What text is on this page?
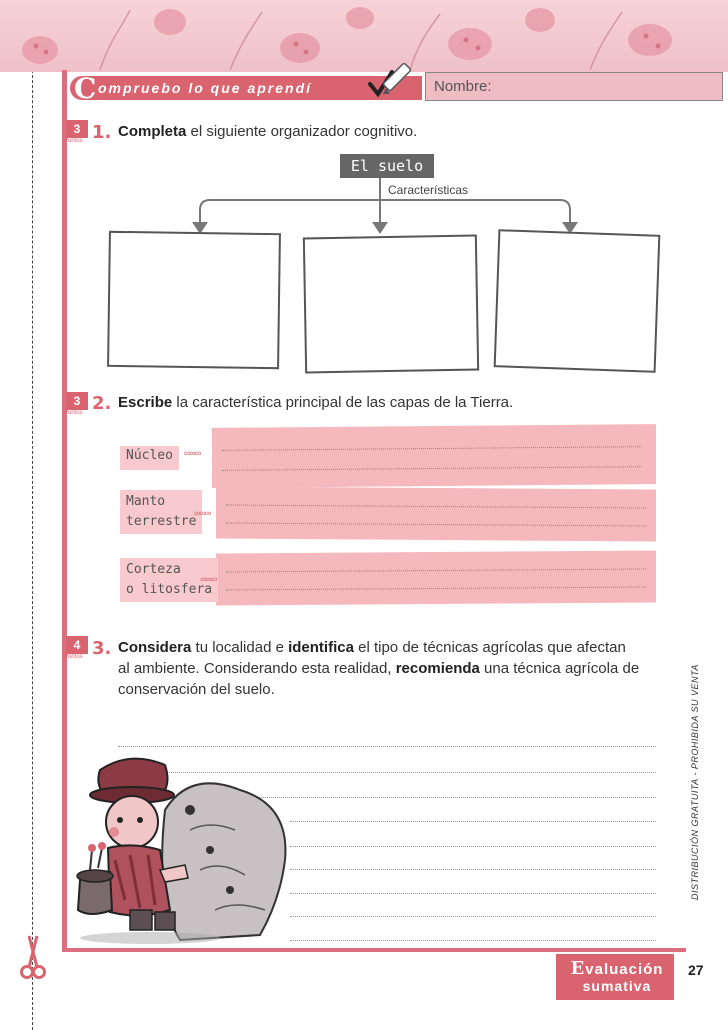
C ompruebo lo que aprendí	Nombre:
3
Puntos 1. Completa el siguiente organizador cognitivo.
El suelo
Características
3
Puntos 2. Escribe la característica principal de las capas de la Tierra.
Núcleo	∞∞∞
Manto
terrestre
∞∞∞
Corteza
o litosfera
∞∞∞
4
Puntos 3. Considera tu localidad e identifica el tipo de técnicas agrícolas que afectan
al ambiente. Considerando esta realidad, recomienda una técnica agrícola de
conservación del suelo.	DISTRIBUCIÓN GRATUITA - PROHIBIDA SU VENTA
Evaluación
sumativa
27
